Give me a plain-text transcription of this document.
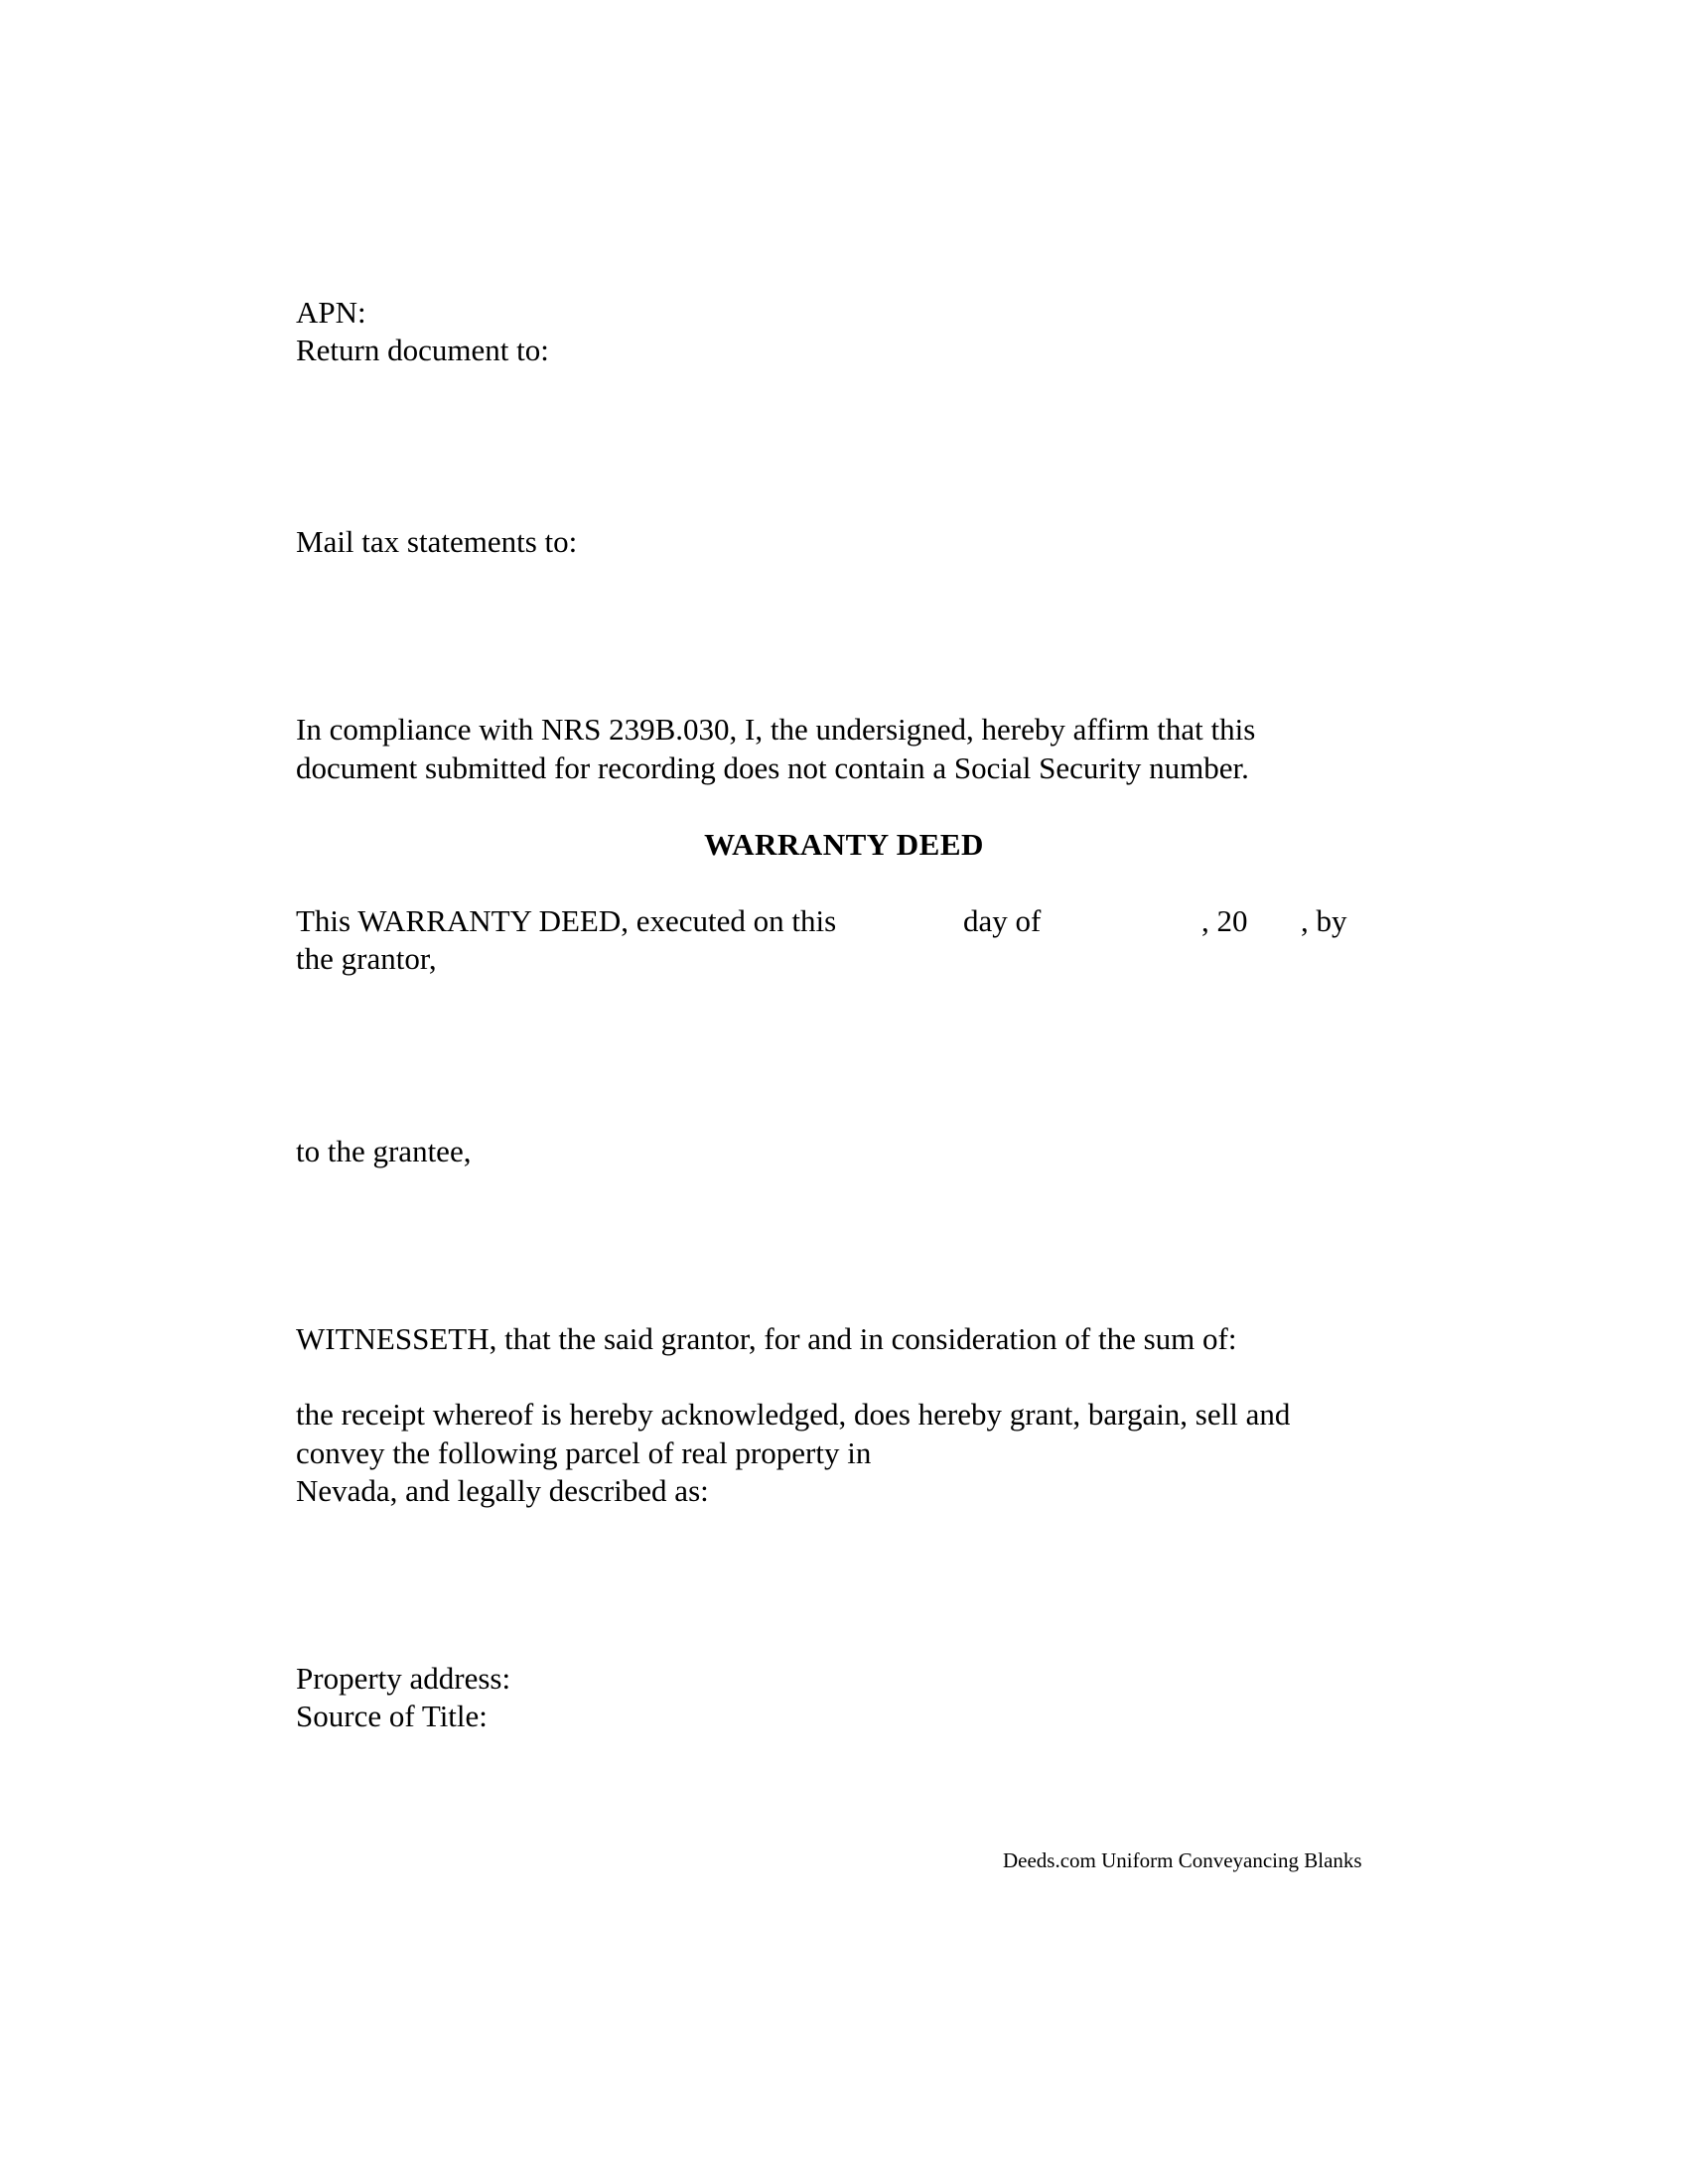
APN:
Return document to:
Mail tax statements to:
In compliance with NRS 239B.030, I, the undersigned, hereby affirm that this
document submitted for recording does not contain a Social Security number.
WARRANTY DEED
This WARRANTY DEED, executed on this	day of	, 20 , by
the grantor,
to the grantee,
WITNESSETH, that the said grantor, for and in consideration of the sum of:
the receipt whereof is hereby acknowledged, does hereby grant, bargain, sell and
convey the following parcel of real property in
Nevada, and legally described as:
Property address:
Source of Title:
Deeds.com Uniform Conveyancing Blanks
